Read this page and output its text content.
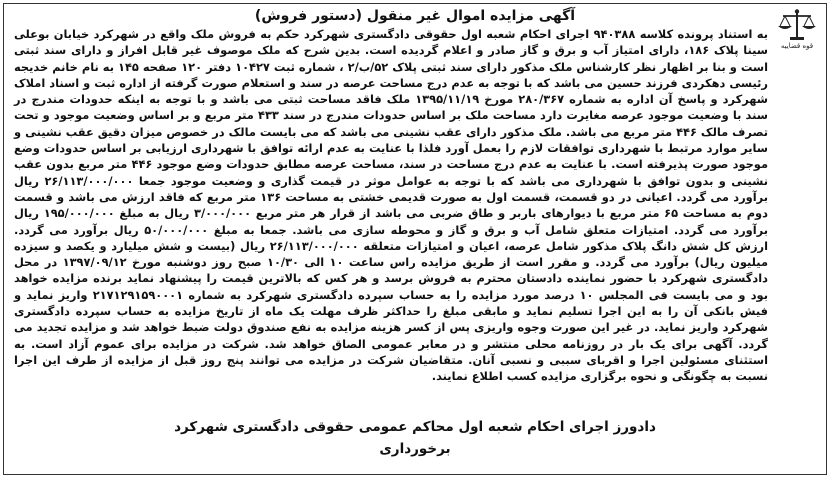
قوه قضاییه
آگهی مزایده اموال غیر منقول (دستور فروش)

به استناد پرونده کلاسه ۹۴۰۳۸۸ اجرای احکام شعبه اول حقوقی دادگستری شهرکرد حکم به فروش ملک واقع در شهرکرد خیابان بوعلی سینا پلاک ۱۸۶، دارای امتیاز آب و برق و گاز صادر و اعلام گردیده است. بدین شرح که ملک موصوف غیر قابل افراز و دارای سند ثبتی است و بنا بر اظهار نظر کارشناس ملک مذکور دارای سند ثبتی پلاک ۵۲/ب/۲ ، شماره ثبت ۱۰۴۲۷ دفتر ۱۲۰ صفحه ۱۴۵ به نام خانم خدیجه رئیسی دهکردی فرزند حسین می باشد که با توجه به عدم درج مساحت عرصه در سند و استعلام صورت گرفته از اداره ثبت و اسناد املاک شهرکرد و پاسخ آن اداره به شماره ۲۸۰/۳۶۷ مورخ ۱۳۹۵/۱۱/۱۹ ملک فاقد مساحت ثبتی می باشد و با توجه به اینکه حدودات مندرج در سند با وضعیت موجود عرصه مغایرت دارد مساحت ملک بر اساس حدودات مندرج در سند ۴۳۳ متر مربع و بر اساس وضعیت موجود و تحت تصرف مالک ۴۴۶ متر مربع می باشد. ملک مذکور دارای عقب نشینی می باشد که می بایست مالک در خصوص میزان دقیق عقب نشینی و سایر موارد مرتبط با شهرداری توافقات لازم را بعمل آورد فلذا با عنایت به عدم ارائه توافق با شهرداری ارزیابی بر اساس حدودات وضع موجود صورت پذیرفته است. با عنایت به عدم درج مساحت در سند، مساحت عرصه مطابق حدودات وضع موجود ۴۴۶ متر مربع بدون عقب نشینی و بدون توافق با شهرداری می باشد که با توجه به عوامل موثر در قیمت گذاری و وضعیت موجود جمعا ۲۶/۱۱۳/۰۰۰/۰۰۰ ریال برآورد می گردد. اعیانی در دو قسمت، قسمت اول به صورت قدیمی خشتی به مساحت ۱۳۶ متر مربع که فاقد ارزش می باشد و قسمت دوم به مساحت ۶۵ متر مربع با دیوارهای باربر و طاق ضربی می باشد از قرار هر متر مربع ۳/۰۰۰/۰۰۰ ریال به مبلغ ۱۹۵/۰۰۰/۰۰۰ ریال برآورد می گردد. امتیازات متعلق شامل آب و برق و گاز و محوطه سازی می باشد. جمعا به مبلغ ۵۰/۰۰۰/۰۰۰ ریال برآورد می گردد. ارزش کل شش دانگ پلاک مذکور شامل عرصه، اعیان و امتیازات متعلقه ۲۶/۱۱۳/۰۰۰/۰۰۰ ریال (بیست و شش میلیارد و یکصد و سیزده میلیون ریال) برآورد می گردد. و مقرر است از طریق مزایده راس ساعت ۱۰ الی ۱۰/۳۰ صبح روز دوشنبه مورخ ۱۳۹۷/۰۹/۱۲ در محل دادگستری شهرکرد با حضور نماینده دادستان محترم به فروش برسد و هر کس که بالاترین قیمت را پیشنهاد نماید برنده مزایده خواهد بود و می بایست فی المجلس ۱۰ درصد مورد مزایده را به حساب سپرده دادگستری شهرکرد به شماره ۲۱۷۱۲۹۱۵۹۰۰۰۱ واریز نماید و فیش بانکی آن را به این اجرا تسلیم نماید و مابقی مبلغ را حداکثر ظرف مهلت یک ماه از تاریخ مزایده به حساب سپرده دادگستری شهرکرد واریز نماید. در غیر این صورت وجوه واریزی پس از کسر هزینه مزایده به نفع صندوق دولت ضبط خواهد شد و مزایده تجدید می گردد. آگهی برای یک بار در روزنامه محلی منتشر و در معابر عمومی الصاق خواهد شد. شرکت در مزایده برای عموم آزاد است. به استثنای مسئولین اجرا و اقربای سببی و نسبی آنان. متقاضیان شرکت در مزایده می توانند پنج روز قبل از مزایده از طرف این اجرا نسبت به چگونگی و نحوه برگزاری مزایده کسب اطلاع نمایند.

دادورز اجرای احکام شعبه اول محاکم عمومی حقوقی دادگستری شهرکرد
برخورداری
